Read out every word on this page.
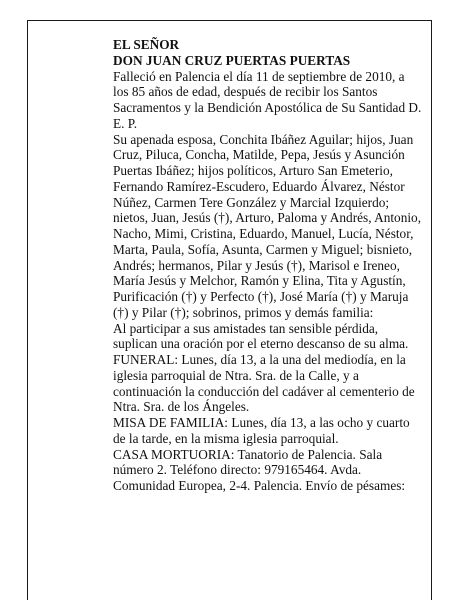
EL SEÑOR

DON JUAN CRUZ PUERTAS PUERTAS

Falleció en Palencia el día 11 de septiembre de 2010, a los 85 años de edad, después de recibir los Santos Sacramentos y la Bendición Apostólica de Su Santidad D. E. P.

Su apenada esposa, Conchita Ibáñez Aguilar; hijos, Juan Cruz, Piluca, Concha, Matilde, Pepa, Jesús y Asunción Puertas Ibáñez; hijos políticos, Arturo San Emeterio, Fernando Ramírez-Escudero, Eduardo Álvarez, Néstor Núñez, Carmen Tere González y Marcial Izquierdo; nietos, Juan, Jesús (†), Arturo, Paloma y Andrés, Antonio, Nacho, Mimi, Cristina, Eduardo, Manuel, Lucía, Néstor, Marta, Paula, Sofía, Asunta, Carmen y Miguel; bisnieto, Andrés; hermanos, Pilar y Jesús (†), Marisol e Ireneo, María Jesús y Melchor, Ramón y Elina, Tita y Agustín, Purificación (†) y Perfecto (†), José María (†) y Maruja (†) y Pilar (†); sobrinos, primos y demás familia:

Al participar a sus amistades tan sensible pérdida, suplican una oración por el eterno descanso de su alma.

FUNERAL: Lunes, día 13, a la una del mediodía, en la iglesia parroquial de Ntra. Sra. de la Calle, y a continuación la conducción del cadáver al cementerio de Ntra. Sra. de los Ángeles.

MISA DE FAMILIA: Lunes, día 13, a las ocho y cuarto de la tarde, en la misma iglesia parroquial.

CASA MORTUORIA: Tanatorio de Palencia. Sala número 2. Teléfono directo: 979165464. Avda. Comunidad Europea, 2-4. Palencia. Envío de pésames:
